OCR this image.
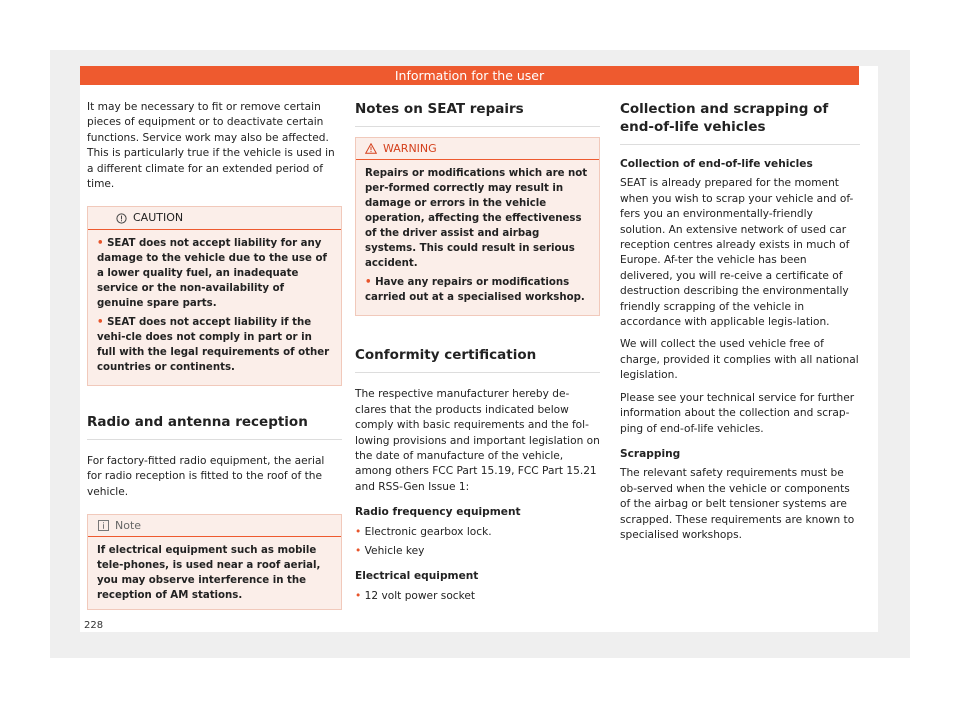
Information for the user

It may be necessary to fit or remove certain pieces of equipment or to deactivate certain functions. Service work may also be affected. This is particularly true if the vehicle is used in a different climate for an extended period of time.

CAUTION
• SEAT does not accept liability for any damage to the vehicle due to the use of a lower quality fuel, an inadequate service or the non-availability of genuine spare parts.
• SEAT does not accept liability if the vehi-cle does not comply in part or in full with the legal requirements of other countries or continents.
Radio and antenna reception

For factory-fitted radio equipment, the aerial for radio reception is fitted to the roof of the vehicle.

Note
If electrical equipment such as mobile tele-phones, is used near a roof aerial, you may observe interference in the reception of AM stations.
Notes on SEAT repairs
WARNING
Repairs or modifications which are not per-formed correctly may result in damage or errors in the vehicle operation, affecting the effectiveness of the driver assist and airbag systems. This could result in serious accident.
• Have any repairs or modifications carried out at a specialised workshop.
Conformity certification

The respective manufacturer hereby de-clares that the products indicated below comply with basic requirements and the fol-lowing provisions and important legislation on the date of manufacture of the vehicle, among others FCC Part 15.19, FCC Part 15.21 and RSS-Gen Issue 1:

Radio frequency equipment
• Electronic gearbox lock.
• Vehicle key
Electrical equipment
• 12 volt power socket
Collection and scrapping of end-of-life vehicles
Collection of end-of-life vehicles

SEAT is already prepared for the moment when you wish to scrap your vehicle and of-fers you an environmentally-friendly solution. An extensive network of used car reception centres already exists in much of Europe. Af-ter the vehicle has been delivered, you will re-ceive a certificate of destruction describing the environmentally friendly scrapping of the vehicle in accordance with applicable legis-lation.

We will collect the used vehicle free of charge, provided it complies with all national legislation.

Please see your technical service for further information about the collection and scrap-ping of end-of-life vehicles.

Scrapping

The relevant safety requirements must be ob-served when the vehicle or components of the airbag or belt tensioner systems are scrapped. These requirements are known to specialised workshops.

228
